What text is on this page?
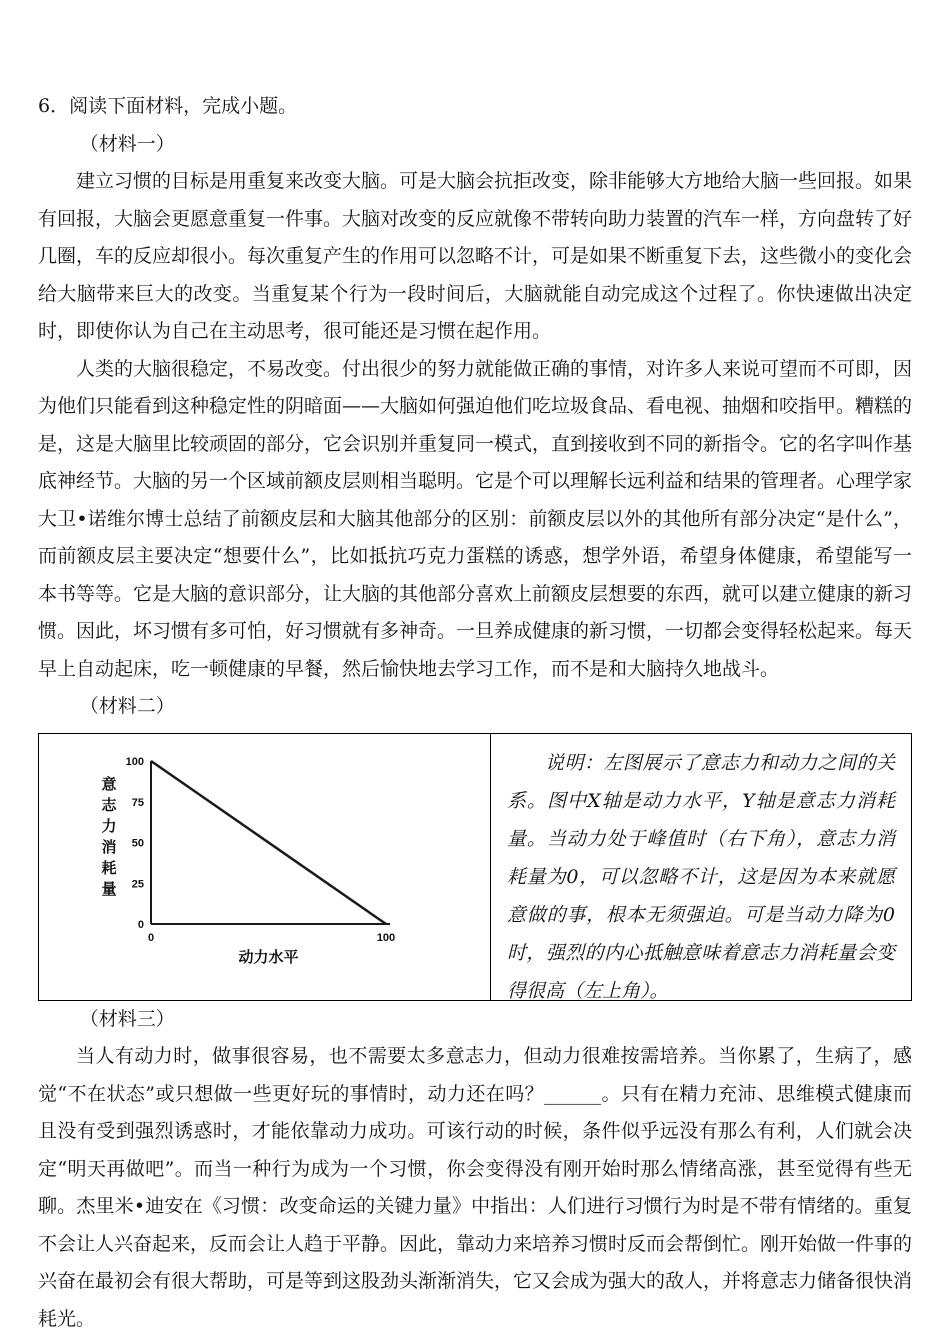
6．阅读下面材料，完成小题。

（材料一）

建立习惯的目标是用重复来改变大脑。可是大脑会抗拒改变，除非能够大方地给大脑一些回报。如果有回报，大脑会更愿意重复一件事。大脑对改变的反应就像不带转向助力装置的汽车一样，方向盘转了好几圈，车的反应却很小。每次重复产生的作用可以忽略不计，可是如果不断重复下去，这些微小的变化会给大脑带来巨大的改变。当重复某个行为一段时间后，大脑就能自动完成这个过程了。你快速做出决定时，即使你认为自己在主动思考，很可能还是习惯在起作用。

人类的大脑很稳定，不易改变。付出很少的努力就能做正确的事情，对许多人来说可望而不可即，因为他们只能看到这种稳定性的阴暗面——大脑如何强迫他们吃垃圾食品、看电视、抽烟和咬指甲。糟糕的是，这是大脑里比较顽固的部分，它会识别并重复同一模式，直到接收到不同的新指令。它的名字叫作基底神经节。大脑的另一个区域前额皮层则相当聪明。它是个可以理解长远利益和结果的管理者。心理学家大卫•诺维尔博士总结了前额皮层和大脑其他部分的区别：前额皮层以外的其他所有部分决定“是什么”，而前额皮层主要决定“想要什么”，比如抵抗巧克力蛋糕的诱惑，想学外语，希望身体健康，希望能写一本书等等。它是大脑的意识部分，让大脑的其他部分喜欢上前额皮层想要的东西，就可以建立健康的新习惯。因此，坏习惯有多可怕，好习惯就有多神奇。一旦养成健康的新习惯，一切都会变得轻松起来。每天早上自动起床，吃一顿健康的早餐，然后愉快地去学习工作，而不是和大脑持久地战斗。

（材料二）

100
75
50
25
0
0	100
动力水平
意
志
力
消
耗
量

说明：左图展示了意志力和动力之间的关系。图中X轴是动力水平，Y轴是意志力消耗量。当动力处于峰值时（右下角），意志力消耗量为0，可以忽略不计，这是因为本来就愿意做的事，根本无须强迫。可是当动力降为0时，强烈的内心抵触意味着意志力消耗量会变得很高（左上角）。

（材料三）

当人有动力时，做事很容易，也不需要太多意志力，但动力很难按需培养。当你累了，生病了，感觉“不在状态”或只想做一些更好玩的事情时，动力还在吗？______。只有在精力充沛、思维模式健康而且没有受到强烈诱惑时，才能依靠动力成功。可该行动的时候，条件似乎远没有那么有利，人们就会决定“明天再做吧”。而当一种行为成为一个习惯，你会变得没有刚开始时那么情绪高涨，甚至觉得有些无聊。杰里米•迪安在《习惯：改变命运的关键力量》中指出：人们进行习惯行为时是不带有情绪的。重复不会让人兴奋起来，反而会让人趋于平静。因此，靠动力来培养习惯时反而会帮倒忙。刚开始做一件事的兴奋在最初会有很大帮助，可是等到这股劲头渐渐消失，它又会成为强大的敌人，并将意志力储备很快消耗光。
